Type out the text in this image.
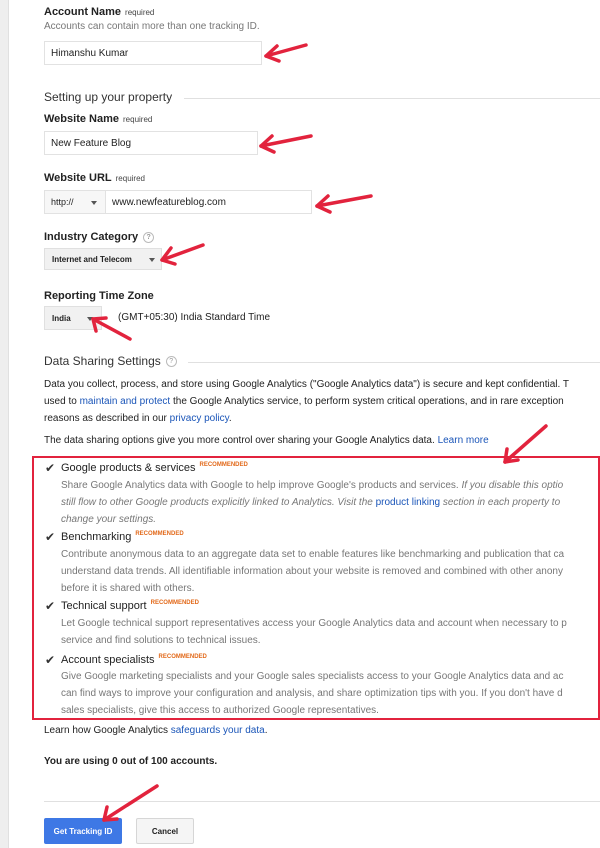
Account Name required
Accounts can contain more than one tracking ID.
Himanshu Kumar
Setting up your property
Website Name required
New Feature Blog
Website URL required
http://	www.newfeatureblog.com
Industry Category ?
Internet and Telecom
Reporting Time Zone
India	(GMT+05:30) India Standard Time
Data Sharing Settings ?
Data you collect, process, and store using Google Analytics ("Google Analytics data") is secure and kept confidential. T
used to maintain and protect the Google Analytics service, to perform system critical operations, and in rare exception
reasons as described in our privacy policy.
The data sharing options give you more control over sharing your Google Analytics data. Learn more
✔ Google products & services $^{RECOMMENDED}$
Share Google Analytics data with Google to help improve Google's products and services. If you disable this optio
still flow to other Google products explicitly linked to Analytics. Visit the product linking section in each property to
change your settings.
✔ Benchmarking $^{RECOMMENDED}$
Contribute anonymous data to an aggregate data set to enable features like benchmarking and publication that ca
understand data trends. All identifiable information about your website is removed and combined with other anony
before it is shared with others.
✔ Technical support $^{RECOMMENDED}$
Let Google technical support representatives access your Google Analytics data and account when necessary to p
service and find solutions to technical issues.
✔ Account specialists $^{RECOMMENDED}$
Give Google marketing specialists and your Google sales specialists access to your Google Analytics data and ac
can find ways to improve your configuration and analysis, and share optimization tips with you. If you don't have d
sales specialists, give this access to authorized Google representatives.
Learn how Google Analytics safeguards your data.
You are using 0 out of 100 accounts.
Get Tracking ID	Cancel
